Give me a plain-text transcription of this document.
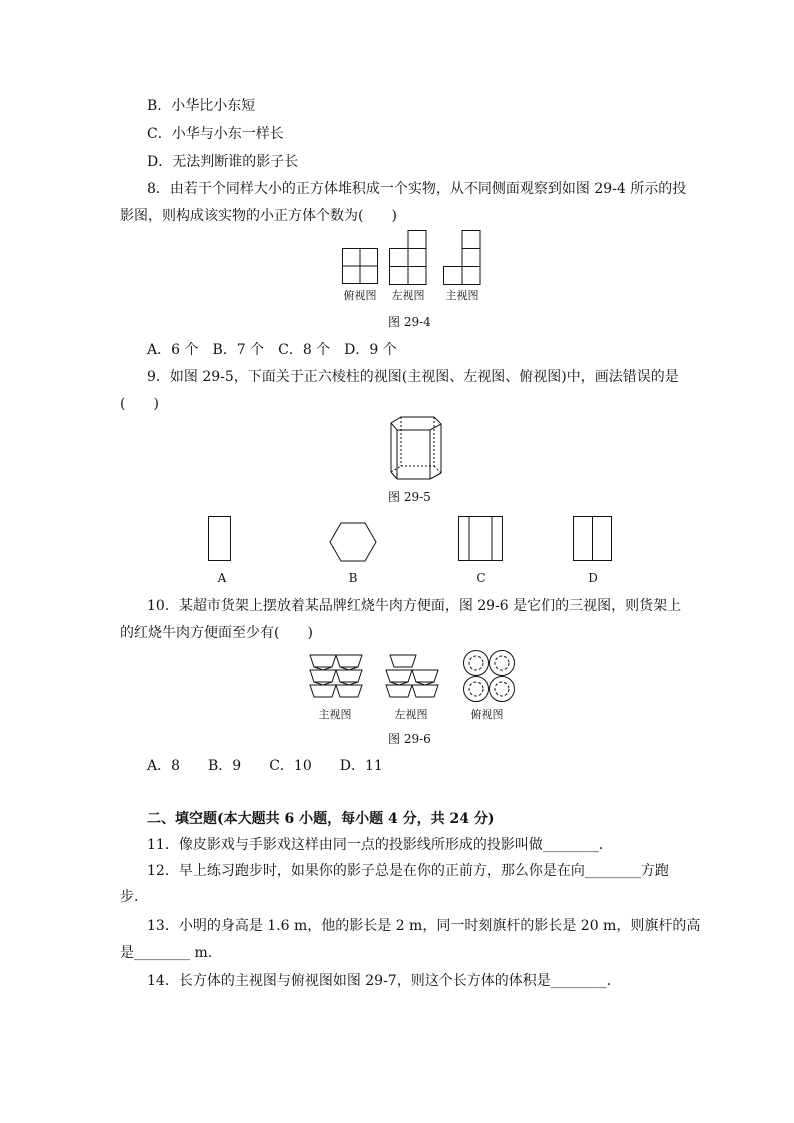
B．小华比小东短
C．小华与小东一样长
D．无法判断谁的影子长
8．由若干个同样大小的正方体堆积成一个实物，从不同侧面观察到如图 29-4 所示的投
影图，则构成该实物的小正方体个数为(　　)
俯视图	左视图	主视图
图 29-4
A．6 个　B．7 个　C．8 个　D．9 个
9．如图 29-5，下面关于正六棱柱的视图(主视图、左视图、俯视图)中，画法错误的是
(　　)
图 29-5
A	B	C	D
10．某超市货架上摆放着某品牌红烧牛肉方便面，图 29-6 是它们的三视图，则货架上
的红烧牛肉方便面至少有(　　)
主视图	左视图	俯视图
图 29-6
A．8　　B．9　　C．10　　D．11
二、填空题(本大题共 6 小题，每小题 4 分，共 24 分)
11．像皮影戏与手影戏这样由同一点的投影线所形成的投影叫做________．
12．早上练习跑步时，如果你的影子总是在你的正前方，那么你是在向________方跑
步．
13．小明的身高是 1.6 m，他的影长是 2 m，同一时刻旗杆的影长是 20 m，则旗杆的高
是________ m.
14．长方体的主视图与俯视图如图 29-7，则这个长方体的体积是________．
